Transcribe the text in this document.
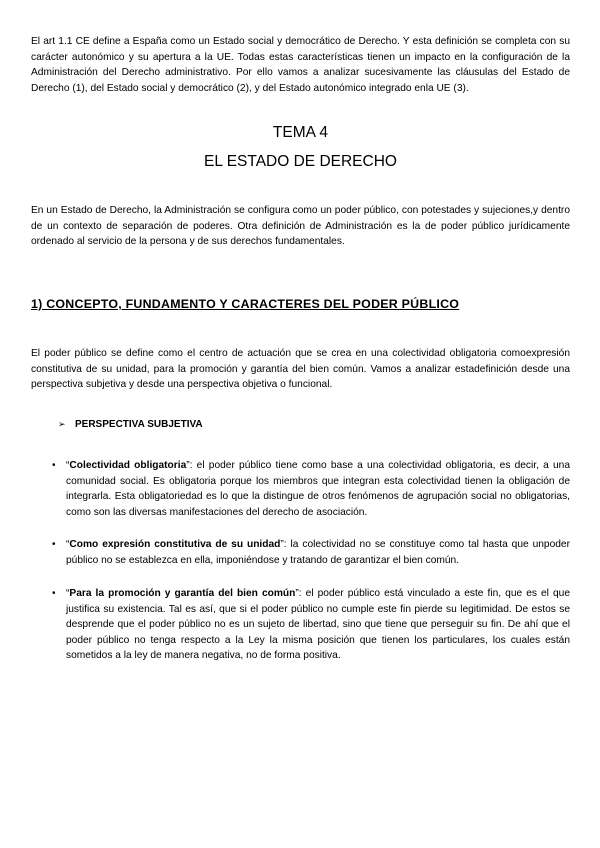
El art 1.1 CE define a España como un Estado social y democrático de Derecho. Y esta definición se completa con su carácter autonómico y su apertura a la UE. Todas estas características tienen un impacto en la configuración de la Administración del Derecho administrativo. Por ello vamos a analizar sucesivamente las cláusulas del Estado de Derecho (1), del Estado social y democrático (2), y del Estado autonómico integrado enla UE (3).

TEMA 4
EL ESTADO DE DERECHO

En un Estado de Derecho, la Administración se configura como un poder público, con potestades y sujeciones,y dentro de un contexto de separación de poderes. Otra definición de Administración es la de poder público jurídicamente ordenado al servicio de la persona y de sus derechos fundamentales.

1) CONCEPTO, FUNDAMENTO Y CARACTERES DEL PODER PÚBLICO

El poder público se define como el centro de actuación que se crea en una colectividad obligatoria comoexpresión constitutiva de su unidad, para la promoción y garantía del bien común. Vamos a analizar estadefinición desde una perspectiva subjetiva y desde una perspectiva objetiva o funcional.

➢ PERSPECTIVA SUBJETIVA
• “Colectividad obligatoria”: el poder público tiene como base a una colectividad obligatoria, es decir, a una comunidad social. Es obligatoria porque los miembros que integran esta colectividad tienen la obligación de integrarla. Esta obligatoriedad es lo que la distingue de otros fenómenos de agrupación social no obligatorias, como son las diversas manifestaciones del derecho de asociación.

• “Como expresión constitutiva de su unidad”: la colectividad no se constituye como tal hasta que unpoder público no se establezca en ella, imponiéndose y tratando de garantizar el bien común.

• “Para la promoción y garantía del bien común”: el poder público está vinculado a este fin, que es el que justifica su existencia. Tal es así, que si el poder público no cumple este fin pierde su legitimidad. De estos se desprende que el poder público no es un sujeto de libertad, sino que tiene que perseguir su fin. De ahí que el poder público no tenga respecto a la Ley la misma posición que tienen los particulares, los cuales están sometidos a la ley de manera negativa, no de forma positiva.
